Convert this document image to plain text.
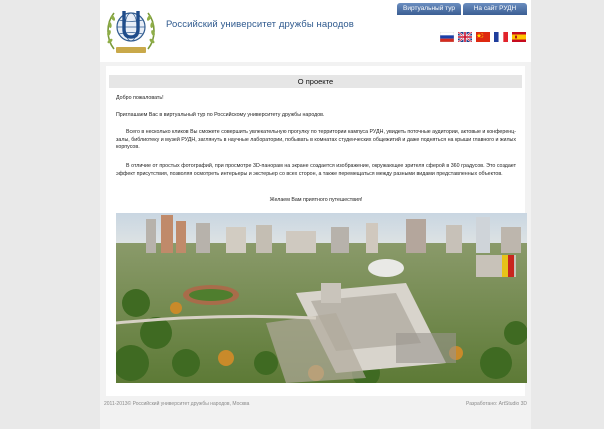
Российский университет дружбы народов
Виртуальный тур	На сайт РУДН
О проекте
Добро пожаловать!
Приглашаем Вас в виртуальный тур по Российскому университету дружбы народов.
Всего в несколько кликов Вы сможете совершить увлекательную прогулку по территории кампуса РУДН, увидеть поточные аудитории, актовые и конференц-залы, библиотеку и музей РУДН, заглянуть в научные лаборатории, побывать в комнатах студенческих общежитий и даже подняться на крыши главного и жилых корпусов.
В отличие от простых фотографий, при просмотре 3D-панорам на экране создается изображение, окружающее зрителя сферой в 360 градусов. Это создает эффект присутствия, позволяя осмотреть интерьеры и экстерьер со всех сторон, а также перемещаться между разными видами представленных объектов.
Желаем Вам приятного путешествия!
2011-2013© Российский университет дружбы народов, Москва	Разработано: ArtStudio 3D
